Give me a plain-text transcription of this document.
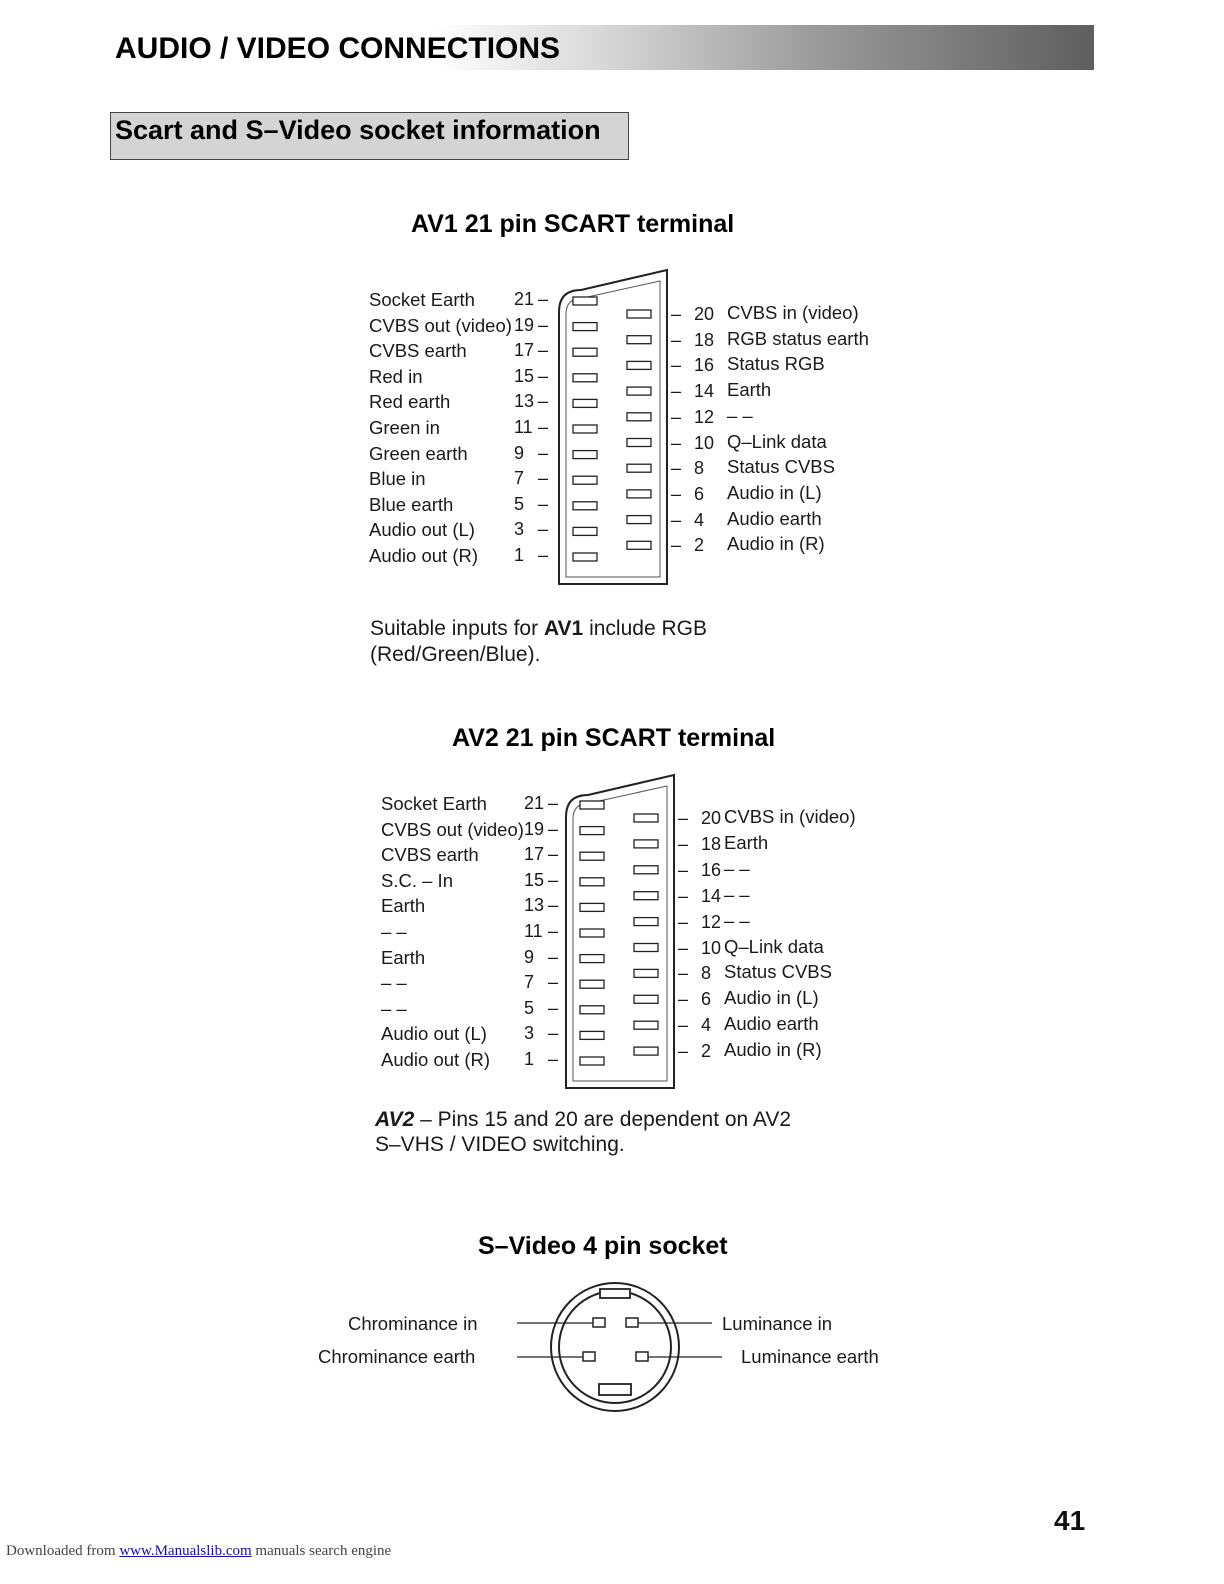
AUDIO / VIDEO CONNECTIONS
Scart and S–Video socket information
AV1 21 pin SCART terminal
Socket Earth 21 –
CVBS out (video) 19 –
CVBS earth	17 –
Red in	15 –
Red earth	13 –
Green in	11 –
Green earth	9 –
Blue in	7 –
Blue earth	5 –
Audio out (L) 3 –
Audio out (R) 1 –
– 20 CVBS in (video)
– 18 RGB status earth
– 16 Status RGB
– 14 Earth
– 12 – –
– 10 Q–Link data
– 8 Status CVBS
– 6 Audio in (L)
– 4 Audio earth
– 2 Audio in (R)
Suitable inputs for AV1 include RGB
(Red/Green/Blue).
AV2 21 pin SCART terminal
Socket Earth 21 –
CVBS out (video) 19 –
CVBS earth	17 –
S.C. – In	15 –
Earth	13 –
– –	11 –
Earth	9 –
– –	7 –
– –	5 –
Audio out (L) 3 –
Audio out (R) 1 –
– 20 CVBS in (video)
– 18 Earth
– 16 – –
– 14 – –
– 12 – –
– 10 Q–Link data
– 8 Status CVBS
– 6 Audio in (L)
– 4 Audio earth
– 2 Audio in (R)
AV2 – Pins 15 and 20 are dependent on AV2
S–VHS / VIDEO switching.
S–Video 4 pin socket
Chrominance in
Chrominance earth
Luminance in
Luminance earth
41
Downloaded from www.Manualslib.com manuals search engine
